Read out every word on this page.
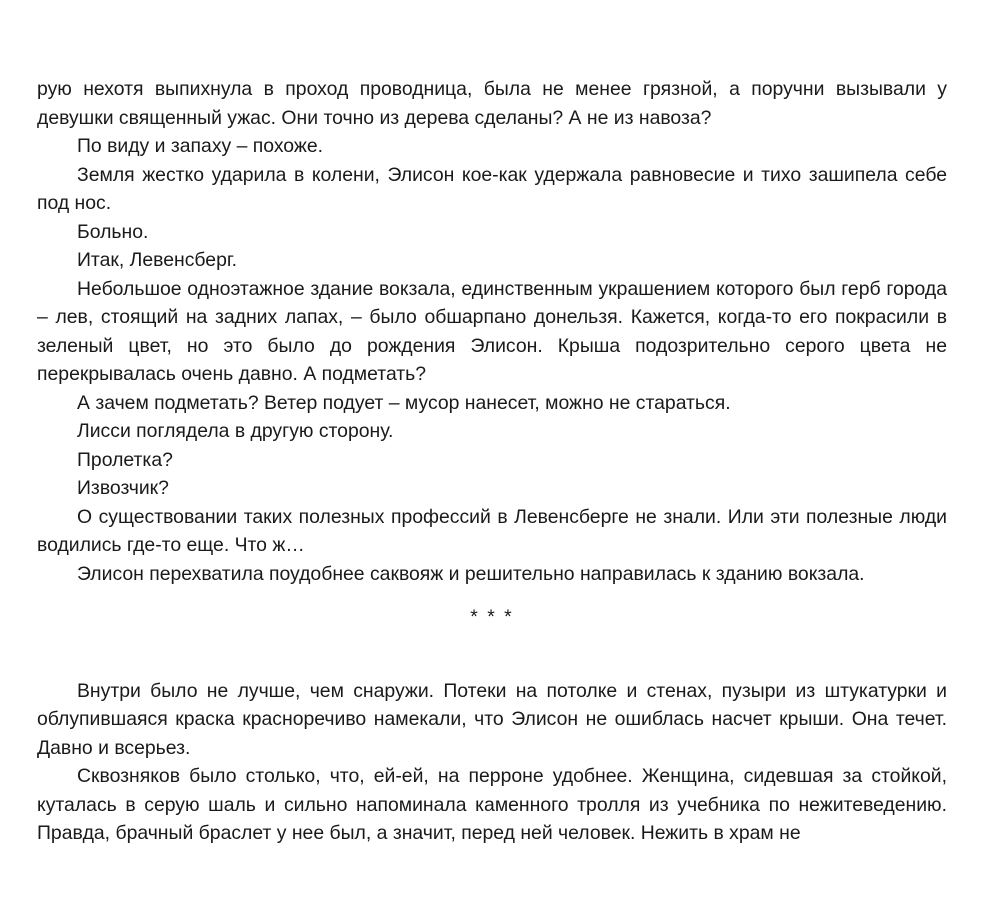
рую нехотя выпихнула в проход проводница, была не менее грязной, а поручни вызывали у девушки священный ужас. Они точно из дерева сделаны? А не из навоза?

По виду и запаху – похоже.

Земля жестко ударила в колени, Элисон кое-как удержала равновесие и тихо зашипела себе под нос.

Больно.

Итак, Левенсберг.

Небольшое одноэтажное здание вокзала, единственным украшением которого был герб города – лев, стоящий на задних лапах, – было обшарпано донельзя. Кажется, когда-то его покрасили в зеленый цвет, но это было до рождения Элисон. Крыша подозрительно серого цвета не перекрывалась очень давно. А подметать?

А зачем подметать? Ветер подует – мусор нанесет, можно не стараться.

Лисси поглядела в другую сторону.

Пролетка?

Извозчик?

О существовании таких полезных профессий в Левенсберге не знали. Или эти полезные люди водились где-то еще. Что ж…

Элисон перехватила поудобнее саквояж и решительно направилась к зданию вокзала.

* * *

Внутри было не лучше, чем снаружи. Потеки на потолке и стенах, пузыри из штукатурки и облупившаяся краска красноречиво намекали, что Элисон не ошиблась насчет крыши. Она течет. Давно и всерьез.

Сквозняков было столько, что, ей-ей, на перроне удобнее. Женщина, сидевшая за стойкой, куталась в серую шаль и сильно напоминала каменного тролля из учебника по нежитеведению. Правда, брачный браслет у нее был, а значит, перед ней человек. Нежить в храм не
